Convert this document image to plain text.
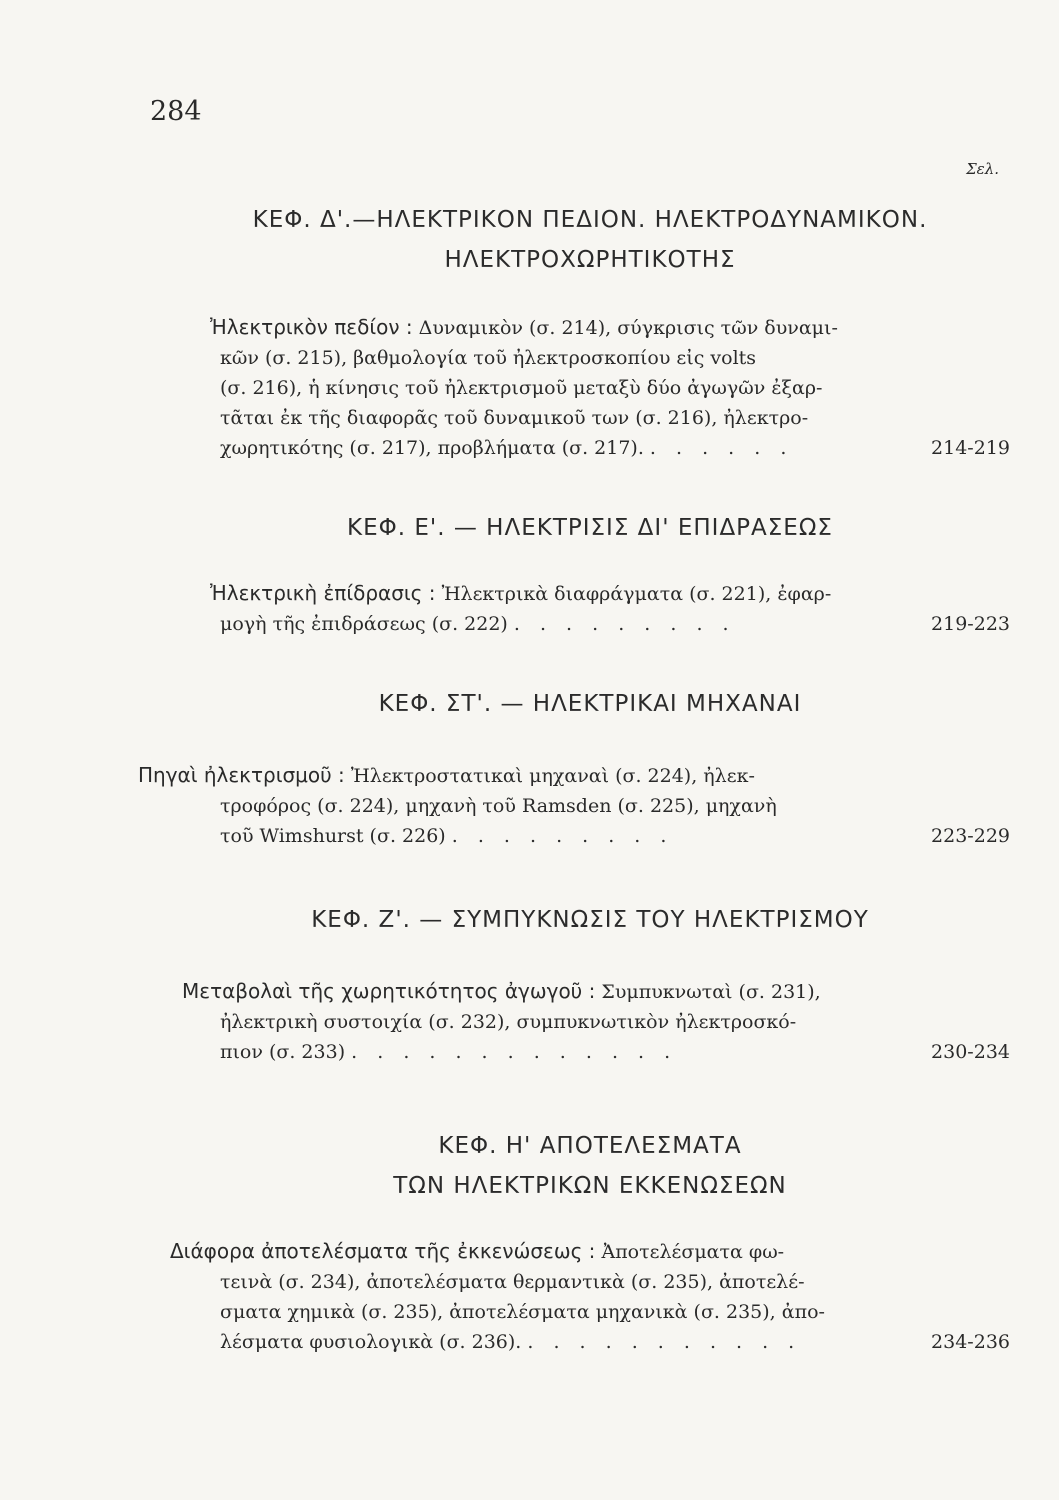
284
Σελ.
ΚΕΦ. Δ'.—ΗΛΕΚΤΡΙΚΟΝ ΠΕΔΙΟΝ. ΗΛΕΚΤΡΟΔΥΝΑΜΙΚΟΝ.
ΗΛΕΚΤΡΟΧΩΡΗΤΙΚΟΤΗΣ
Ἠλεκτρικὸν πεδίον : Δυναμικὸν (σ. 214), σύγκρισις τῶν δυναμι-
κῶν (σ. 215), βαθμολογία τοῦ ἠλεκτροσκοπίου εἰς volts
(σ. 216), ἡ κίνησις τοῦ ἠλεκτρισμοῦ μεταξὺ δύο ἀγωγῶν ἐξαρ-
τᾶται ἐκ τῆς διαφορᾶς τοῦ δυναμικοῦ των (σ. 216), ἠλεκτρο-
χωρητικότης (σ. 217), προβλήματα (σ. 217). . . . . . .	214-219
ΚΕΦ. Ε'. — ΗΛΕΚΤΡΙΣΙΣ ΔΙ' ΕΠΙΔΡΑΣΕΩΣ
Ἠλεκτρικὴ ἐπίδρασις : Ἠλεκτρικὰ διαφράγματα (σ. 221), ἐφαρ-
μογὴ τῆς ἐπιδράσεως (σ. 222) . . . . . . . . .	219-223
ΚΕΦ. ΣΤ'. — ΗΛΕΚΤΡΙΚΑΙ ΜΗΧΑΝΑΙ
Πηγαὶ ἠλεκτρισμοῦ : Ἠλεκτροστατικαὶ μηχαναὶ (σ. 224), ἠλεκ-
τροφόρος (σ. 224), μηχανὴ τοῦ Ramsden (σ. 225), μηχανὴ
τοῦ Wimshurst (σ. 226) . . . . . . . . .	223-229
ΚΕΦ. Ζ'. — ΣΥΜΠΥΚΝΩΣΙΣ ΤΟΥ ΗΛΕΚΤΡΙΣΜΟΥ
Μεταβολαὶ τῆς χωρητικότητος ἀγωγοῦ : Συμπυκνωταὶ (σ. 231),
ἠλεκτρικὴ συστοιχία (σ. 232), συμπυκνωτικὸν ἠλεκτροσκό-
πιον (σ. 233) . . . . . . . . . . . . .	230-234
ΚΕΦ. Η' ΑΠΟΤΕΛΕΣΜΑΤΑ
ΤΩΝ ΗΛΕΚΤΡΙΚΩΝ ΕΚΚΕΝΩΣΕΩΝ
Διάφορα ἀποτελέσματα τῆς ἐκκενώσεως : Ἀποτελέσματα φω-
τεινὰ (σ. 234), ἀποτελέσματα θερμαντικὰ (σ. 235), ἀποτελέ-
σματα χημικὰ (σ. 235), ἀποτελέσματα μηχανικὰ (σ. 235), ἀπο-
λέσματα φυσιολογικὰ (σ. 236). . . . . . . . . . . .	234-236
